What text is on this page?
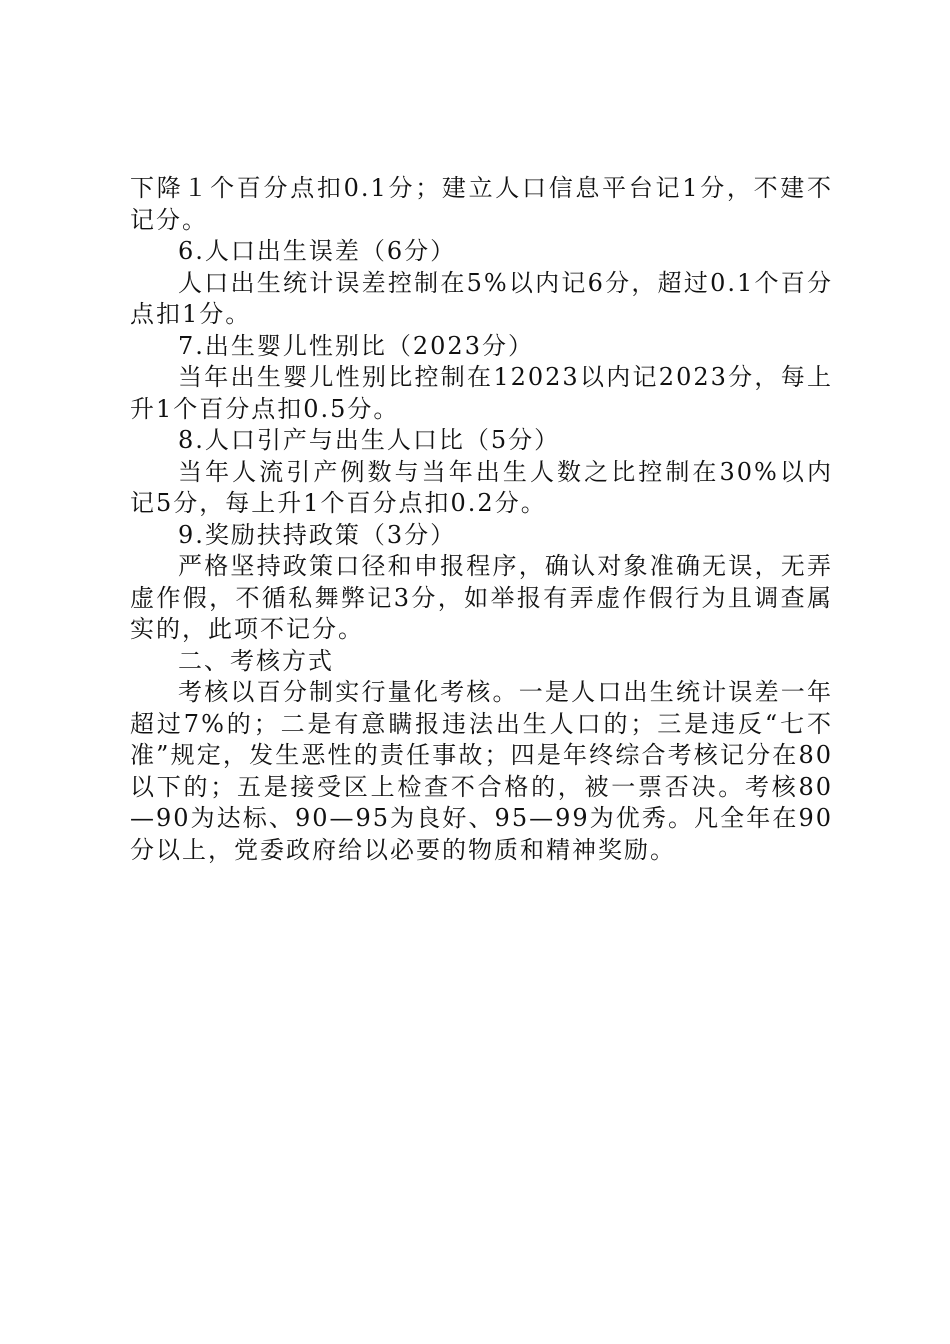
下降１个百分点扣0.1分；建立人口信息平台记1分，不建不记分。

6.人口出生误差（6分）

人口出生统计误差控制在5%以内记6分，超过0.1个百分点扣1分。

7.出生婴儿性别比（2023分）

当年出生婴儿性别比控制在12023以内记2023分，每上升1个百分点扣0.5分。

8.人口引产与出生人口比（5分）

当年人流引产例数与当年出生人数之比控制在30%以内记5分，每上升1个百分点扣0.2分。

9.奖励扶持政策（3分）

严格坚持政策口径和申报程序，确认对象准确无误，无弄虚作假，不循私舞弊记3分，如举报有弄虚作假行为且调查属实的，此项不记分。

二、考核方式

考核以百分制实行量化考核。一是人口出生统计误差一年超过7%的；二是有意瞒报违法出生人口的；三是违反“七不准”规定，发生恶性的责任事故；四是年终综合考核记分在80以下的；五是接受区上检查不合格的，被一票否决。考核80—90为达标、90—95为良好、95—99为优秀。凡全年在90分以上，党委政府给以必要的物质和精神奖励。
